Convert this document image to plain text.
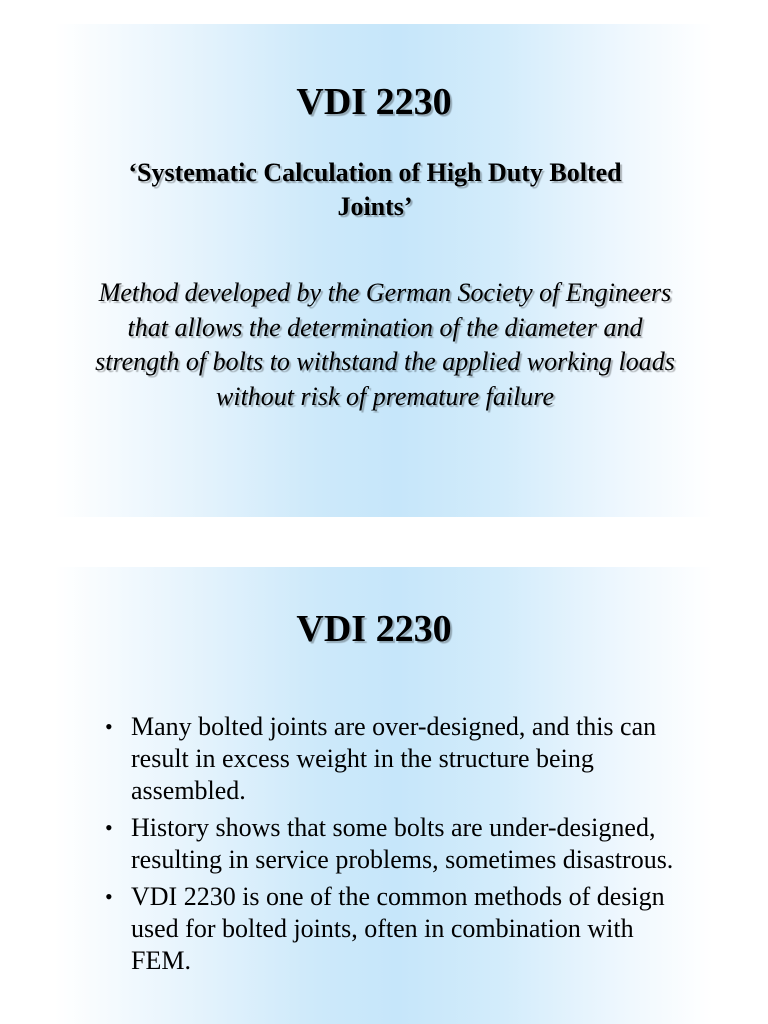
VDI 2230
‘Systematic Calculation of High Duty Bolted Joints’

Method developed by the German Society of Engineers that allows the determination of the diameter and strength of bolts to withstand the applied working loads without risk of premature failure

VDI 2230
• Many bolted joints are over-designed, and this can result in excess weight in the structure being assembled.
• History shows that some bolts are under-designed, resulting in service problems, sometimes disastrous.
• VDI 2230 is one of the common methods of design used for bolted joints, often in combination with FEM.
